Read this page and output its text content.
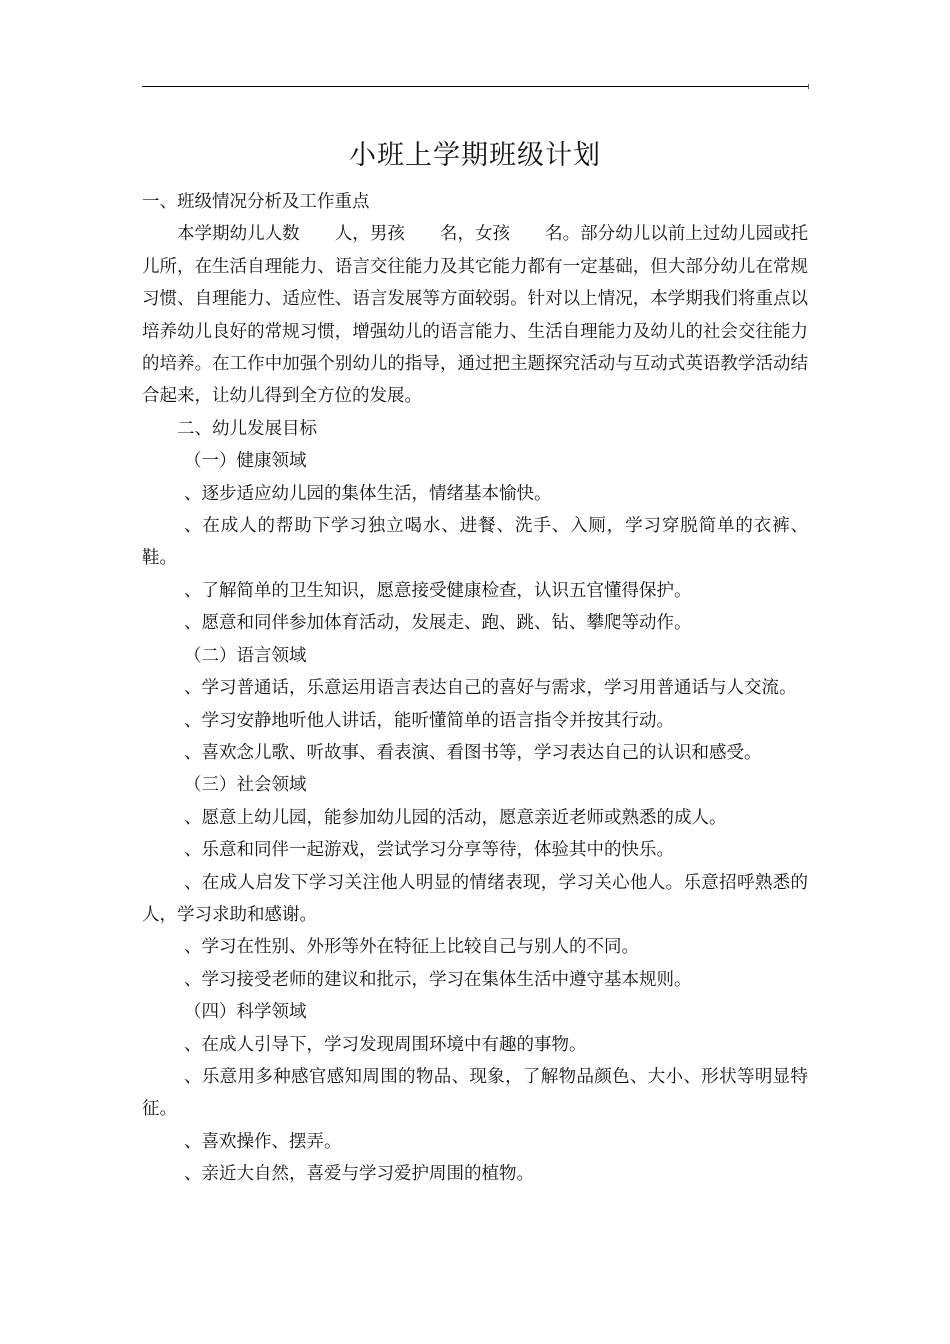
小班上学期班级计划

一、班级情况分析及工作重点

本学期幼儿人数　　人，男孩　　名，女孩　　名。部分幼儿以前上过幼儿园或托儿所，在生活自理能力、语言交往能力及其它能力都有一定基础，但大部分幼儿在常规习惯、自理能力、适应性、语言发展等方面较弱。针对以上情况，本学期我们将重点以培养幼儿良好的常规习惯，增强幼儿的语言能力、生活自理能力及幼儿的社会交往能力的培养。在工作中加强个别幼儿的指导，通过把主题探究活动与互动式英语教学活动结合起来，让幼儿得到全方位的发展。

二、幼儿发展目标

（一）健康领域

、逐步适应幼儿园的集体生活，情绪基本愉快。

、在成人的帮助下学习独立喝水、进餐、洗手、入厕，学习穿脱简单的衣裤、鞋。

、了解简单的卫生知识，愿意接受健康检查，认识五官懂得保护。

、愿意和同伴参加体育活动，发展走、跑、跳、钻、攀爬等动作。

（二）语言领域

、学习普通话，乐意运用语言表达自己的喜好与需求，学习用普通话与人交流。

、学习安静地听他人讲话，能听懂简单的语言指令并按其行动。

、喜欢念儿歌、听故事、看表演、看图书等，学习表达自己的认识和感受。

（三）社会领域

、愿意上幼儿园，能参加幼儿园的活动，愿意亲近老师或熟悉的成人。

、乐意和同伴一起游戏，尝试学习分享等待，体验其中的快乐。

、在成人启发下学习关注他人明显的情绪表现，学习关心他人。乐意招呼熟悉的人，学习求助和感谢。

、学习在性别、外形等外在特征上比较自己与别人的不同。

、学习接受老师的建议和批示，学习在集体生活中遵守基本规则。

（四）科学领域

、在成人引导下，学习发现周围环境中有趣的事物。

、乐意用多种感官感知周围的物品、现象，了解物品颜色、大小、形状等明显特征。

、喜欢操作、摆弄。

、亲近大自然，喜爱与学习爱护周围的植物。
